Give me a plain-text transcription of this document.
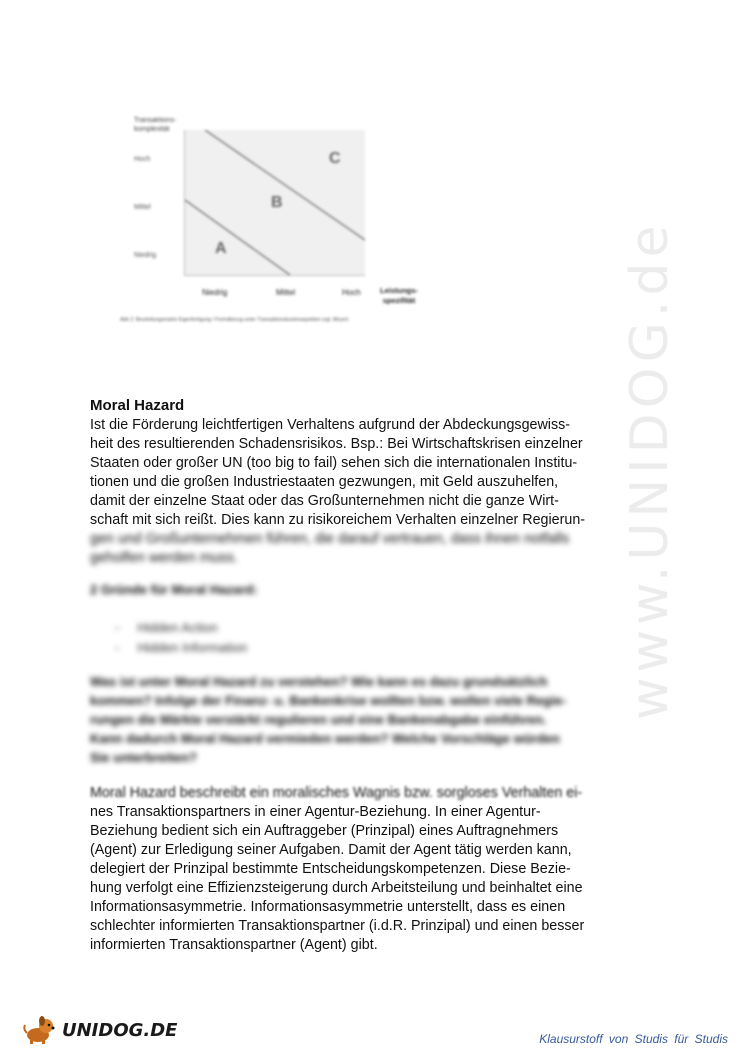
Transaktions-
komplexität
Hoch
Mittel
Niedrig	A
B
C
Niedrig	Mittel	Hoch	Leistungs-
spezifität
Abb 2: Beurteilungsmatrix Eigenfertigung / Fremdbezug unter Transaktionskostenaspekten (vgl. Meyer)	www.UNIDOG.de
Moral Hazard
Ist die Förderung leichtfertigen Verhaltens aufgrund der Abdeckungsgewiss-
heit des resultierenden Schadensrisikos. Bsp.: Bei Wirtschaftskrisen einzelner
Staaten oder großer UN (too big to fail) sehen sich die internationalen Institu-
tionen und die großen Industriestaaten gezwungen, mit Geld auszuhelfen,
damit der einzelne Staat oder das Großunternehmen nicht die ganze Wirt-
schaft mit sich reißt. Dies kann zu risikoreichem Verhalten einzelner Regierun-
gen und Großunternehmen führen, die darauf vertrauen, dass ihnen notfalls
geholfen werden muss.
2 Gründe für Moral Hazard:
- Hidden Action
- Hidden Information
Was ist unter Moral Hazard zu verstehen? Wie kann es dazu grundsätzlich
kommen? Infolge der Finanz- u. Bankenkrise wollten bzw. wollen viele Regie-
rungen die Märkte verstärkt regulieren und eine Bankenabgabe einführen.
Kann dadurch Moral Hazard vermieden werden? Welche Vorschläge würden
Sie unterbreiten?
Moral Hazard beschreibt ein moralisches Wagnis bzw. sorgloses Verhalten ei-
nes Transaktionspartners in einer Agentur-Beziehung. In einer Agentur-
Beziehung bedient sich ein Auftraggeber (Prinzipal) eines Auftragnehmers
(Agent) zur Erledigung seiner Aufgaben. Damit der Agent tätig werden kann,
delegiert der Prinzipal bestimmte Entscheidungskompetenzen. Diese Bezie-
hung verfolgt eine Effizienzsteigerung durch Arbeitsteilung und beinhaltet eine
Informationsasymmetrie. Informationsasymmetrie unterstellt, dass es einen
schlechter informierten Transaktionspartner (i.d.R. Prinzipal) und einen besser
informierten Transaktionspartner (Agent) gibt.
UNIDOG.DE	Klausurstoff von Studis für Studis
